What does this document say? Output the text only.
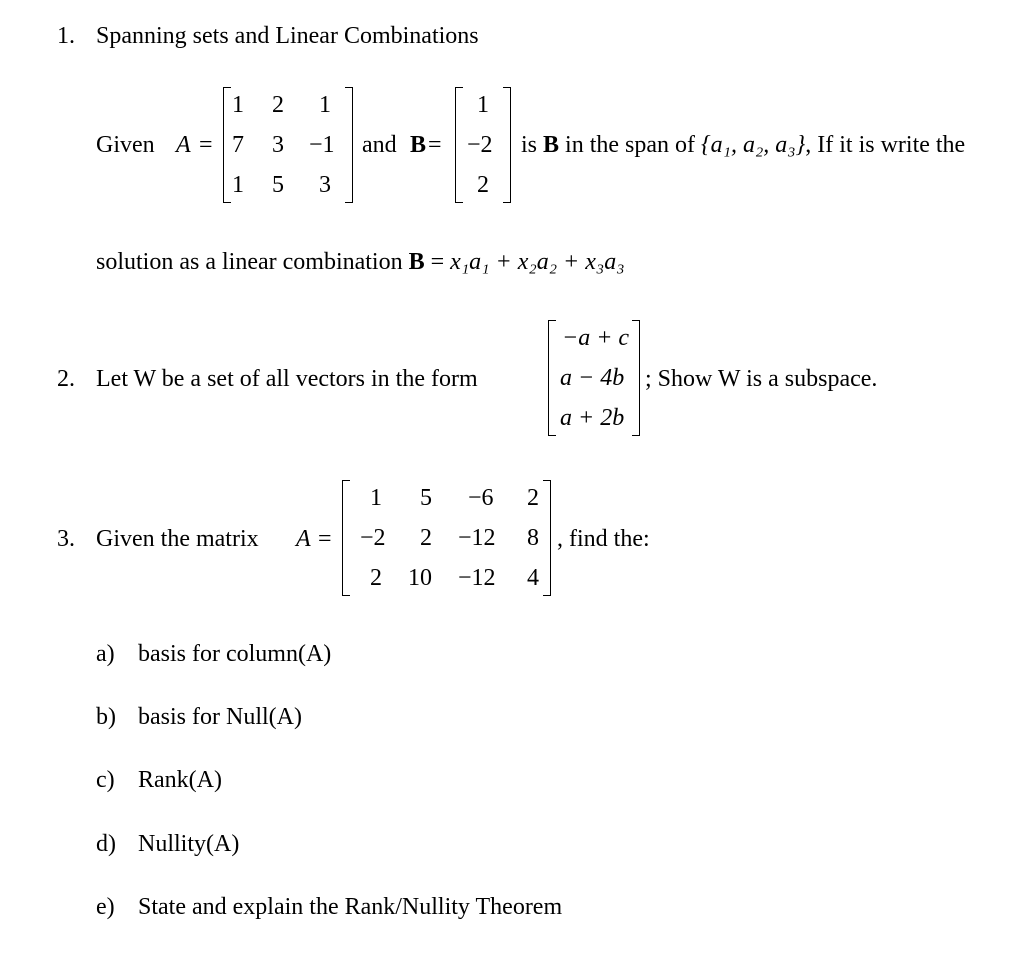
1. Spanning sets and Linear Combinations
Given A =
1 2 1
7 3 −1
1 5 3
and B =
1
−2
2
is B in the span of {a₁, a₂, a₃}, If it is write the
solution as a linear combination B = x₁a₁ + x₂a₂ + x₃a₃
2. Let W be a set of all vectors in the form
−a + c
a − 4b
a + 2b
; Show W is a subspace.
3. Given the matrix A =
1 5 −6 2
−2 2 −12 8
2 10 −12 4
, find the:
a) basis for column(A)
b) basis for Null(A)
c) Rank(A)
d) Nullity(A)
e) State and explain the Rank/Nullity Theorem
